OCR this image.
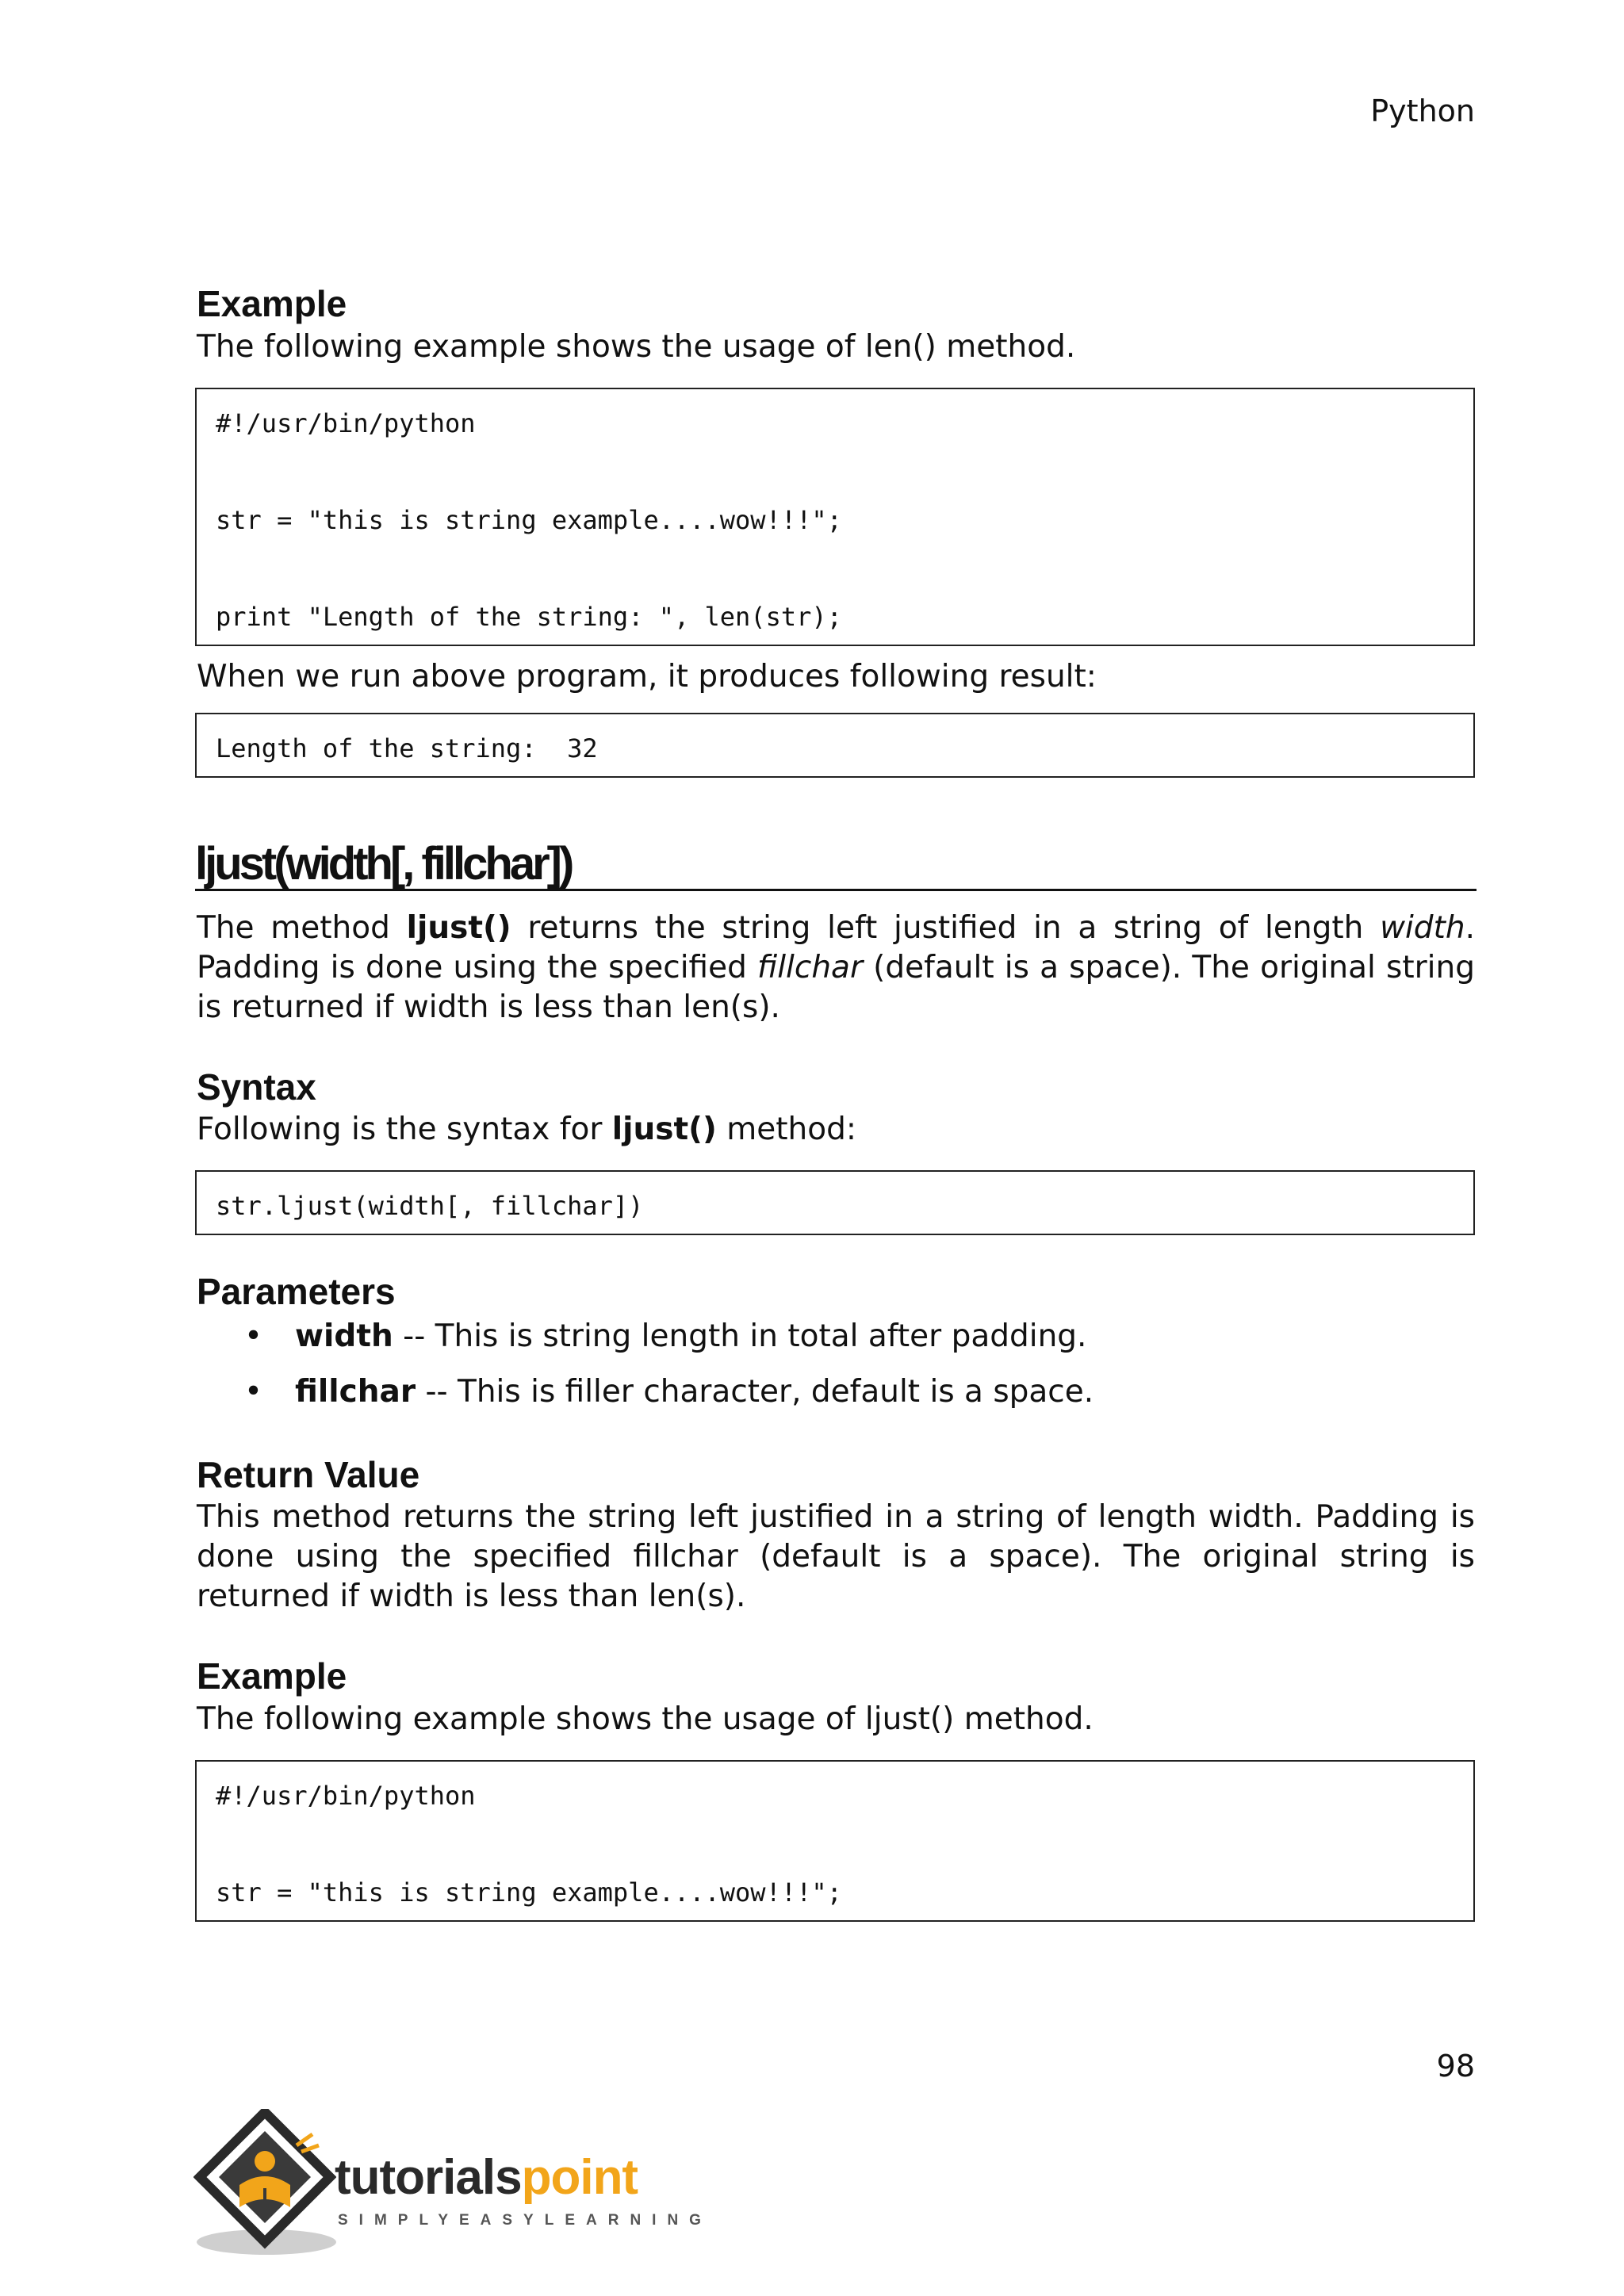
Python
Example

The following example shows the usage of len() method.

#!/usr/bin/python
str = "this is string example....wow!!!";
print "Length of the string: ", len(str);

When we run above program, it produces following result:

Length of the string:  32
ljust(width[, fillchar])

The method ljust() returns the string left justified in a string of length width. Padding is done using the specified fillchar (default is a space). The original string is returned if width is less than len(s).

Syntax

Following is the syntax for ljust() method:

str.ljust(width[, fillchar])
Parameters
• width -- This is string length in total after padding.
• fillchar -- This is filler character, default is a space.
Return Value

This method returns the string left justified in a string of length width. Padding is done using the specified fillchar (default is a space). The original string is returned if width is less than len(s).

Example

The following example shows the usage of ljust() method.

#!/usr/bin/python
str = "this is string example....wow!!!";
98
tutorialspoint
SIMPLYEASYLEARNING
